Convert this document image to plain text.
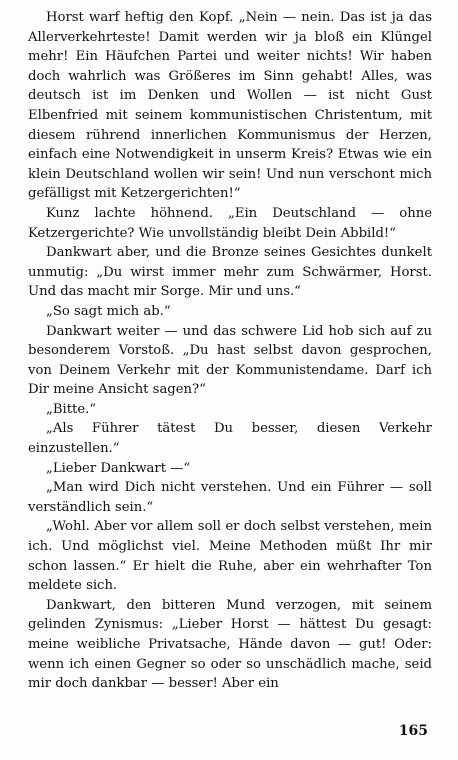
Horst warf heftig den Kopf. „Nein — nein. Das ist ja das Allerverkehrteste! Damit werden wir ja bloß ein Klüngel mehr! Ein Häufchen Partei und weiter nichts! Wir haben doch wahrlich was Größeres im Sinn gehabt! Alles, was deutsch ist im Denken und Wollen — ist nicht Gust Elbenfried mit seinem kommunistischen Christentum, mit diesem rührend innerlichen Kommunismus der Herzen, einfach eine Notwendigkeit in unserm Kreis? Etwas wie ein klein Deutschland wollen wir sein! Und nun verschont mich gefälligst mit Ketzergerichten!“

Kunz lachte höhnend. „Ein Deutschland — ohne Ketzergerichte? Wie unvollständig bleibt Dein Abbild!“

Dankwart aber, und die Bronze seines Gesichtes dunkelt unmutig: „Du wirst immer mehr zum Schwärmer, Horst. Und das macht mir Sorge. Mir und uns.“

„So sagt mich ab.“

Dankwart weiter — und das schwere Lid hob sich auf zu besonderem Vorstoß. „Du hast selbst davon gesprochen, von Deinem Verkehr mit der Kommunistendame. Darf ich Dir meine Ansicht sagen?“

„Bitte.“

„Als Führer tätest Du besser, diesen Verkehr einzustellen.“

„Lieber Dankwart —“

„Man wird Dich nicht verstehen. Und ein Führer — soll verständlich sein.“

„Wohl. Aber vor allem soll er doch selbst verstehen, mein ich. Und möglichst viel. Meine Methoden müßt Ihr mir schon lassen.“ Er hielt die Ruhe, aber ein wehrhafter Ton meldete sich.

Dankwart, den bitteren Mund verzogen, mit seinem gelinden Zynismus: „Lieber Horst — hättest Du gesagt: meine weibliche Privatsache, Hände davon — gut! Oder: wenn ich einen Gegner so oder so unschädlich mache, seid mir doch dankbar — besser! Aber ein

165
